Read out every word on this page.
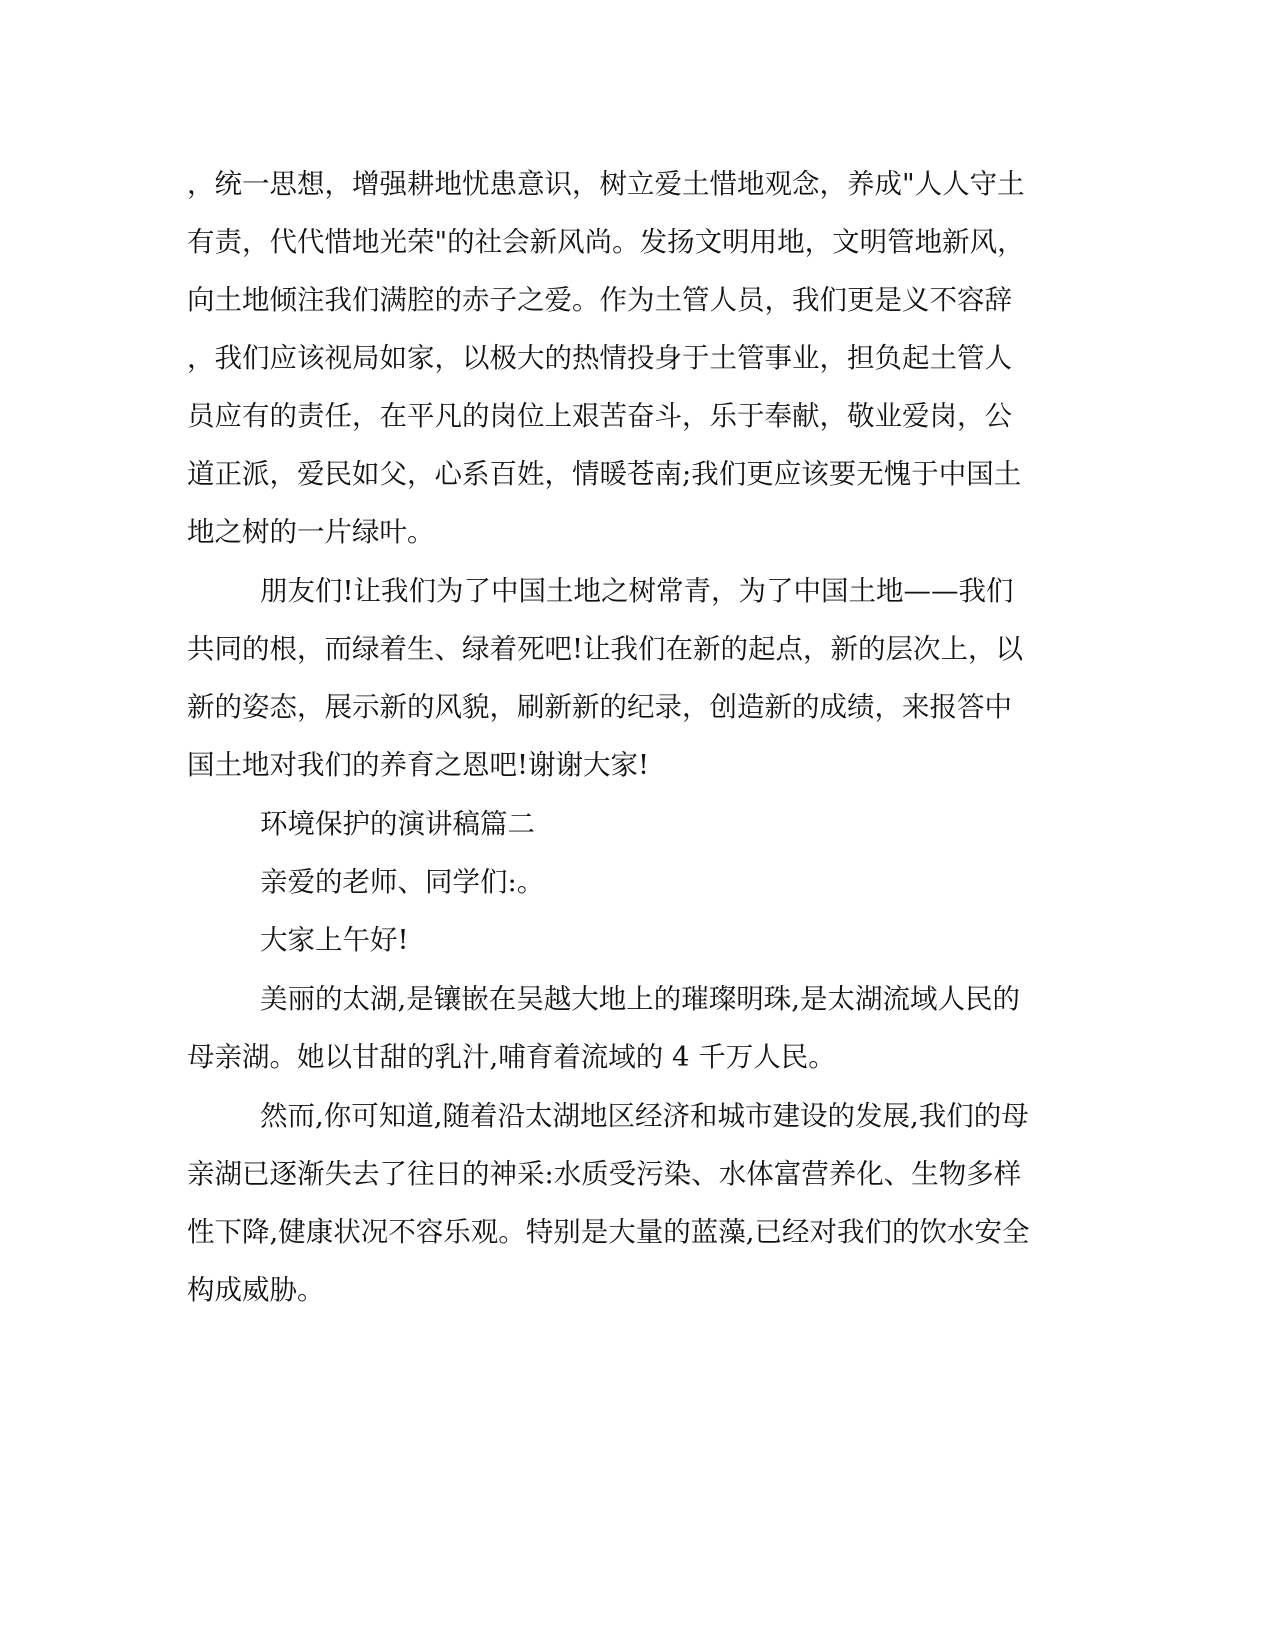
，统一思想，增强耕地忧患意识，树立爱土惜地观念，养成"人人守土
有责，代代惜地光荣"的社会新风尚。发扬文明用地，文明管地新风，
向土地倾注我们满腔的赤子之爱。作为土管人员，我们更是义不容辞
，我们应该视局如家，以极大的热情投身于土管事业，担负起土管人
员应有的责任，在平凡的岗位上艰苦奋斗，乐于奉献，敬业爱岗，公
道正派，爱民如父，心系百姓，情暖苍南;我们更应该要无愧于中国土
地之树的一片绿叶。
朋友们!让我们为了中国土地之树常青，为了中国土地——我们
共同的根，而绿着生、绿着死吧!让我们在新的起点，新的层次上，以
新的姿态，展示新的风貌，刷新新的纪录，创造新的成绩，来报答中
国土地对我们的养育之恩吧!谢谢大家!
环境保护的演讲稿篇二
亲爱的老师、同学们:。
大家上午好!
美丽的太湖,是镶嵌在吴越大地上的璀璨明珠,是太湖流域人民的
母亲湖。她以甘甜的乳汁,哺育着流域的 4 千万人民。
然而,你可知道,随着沿太湖地区经济和城市建设的发展,我们的母
亲湖已逐渐失去了往日的神采:水质受污染、水体富营养化、生物多样
性下降,健康状况不容乐观。特别是大量的蓝藻,已经对我们的饮水安全
构成威胁。
